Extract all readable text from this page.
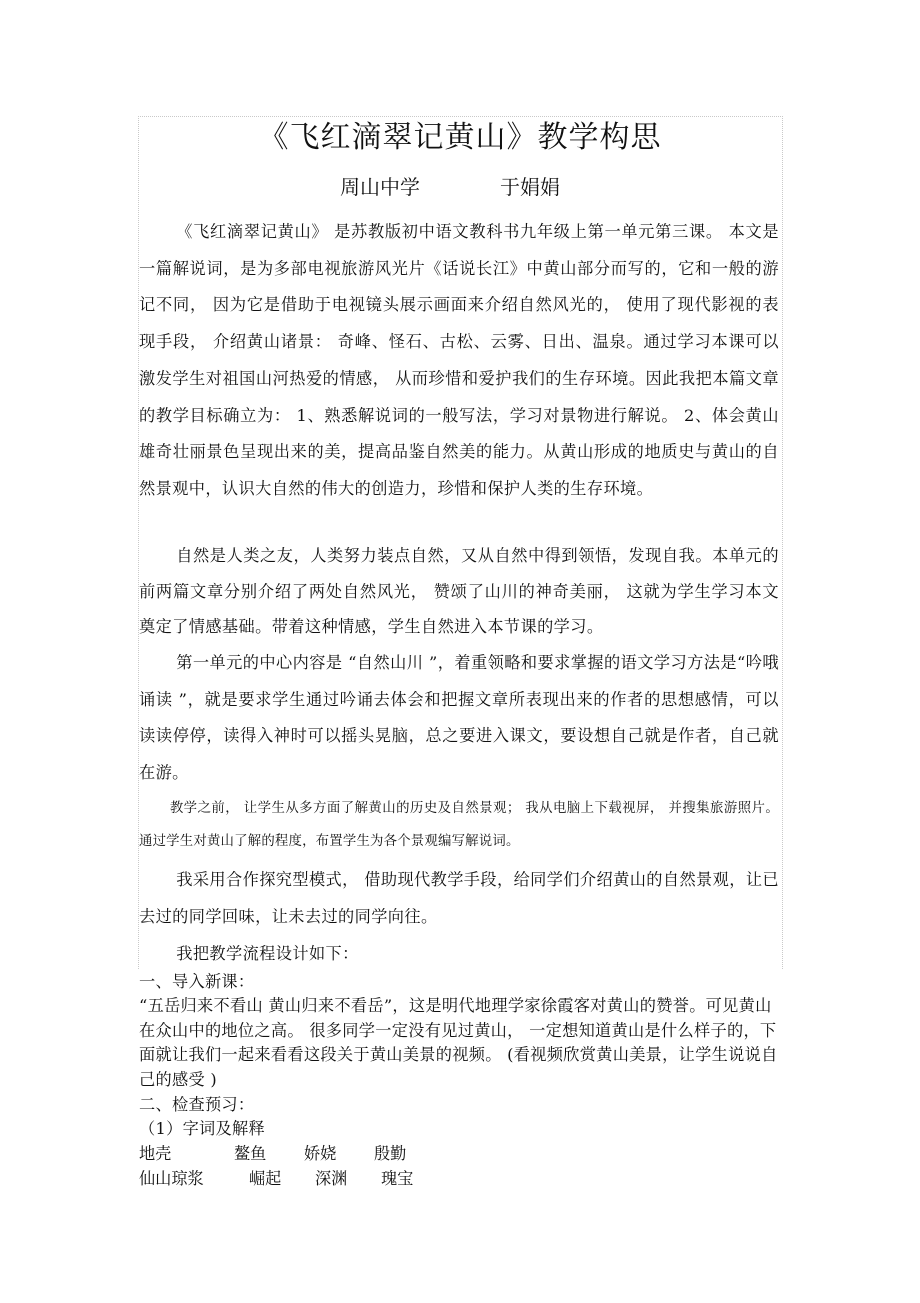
《飞红滴翠记黄山》教学构思
周山中学	于娟娟

《飞红滴翠记黄山》 是苏教版初中语文教科书九年级上第一单元第三课。 本文是一篇解说词，是为多部电视旅游风光片《话说长江》中黄山部分而写的，它和一般的游记不同， 因为它是借助于电视镜头展示画面来介绍自然风光的， 使用了现代影视的表现手段， 介绍黄山诸景： 奇峰、怪石、古松、云雾、日出、温泉。通过学习本课可以激发学生对祖国山河热爱的情感， 从而珍惜和爱护我们的生存环境。因此我把本篇文章的教学目标确立为： 1、熟悉解说词的一般写法，学习对景物进行解说。 2、体会黄山雄奇壮丽景色呈现出来的美，提高品鉴自然美的能力。从黄山形成的地质史与黄山的自然景观中，认识大自然的伟大的创造力，珍惜和保护人类的生存环境。

自然是人类之友，人类努力装点自然，又从自然中得到领悟，发现自我。本单元的前两篇文章分别介绍了两处自然风光， 赞颂了山川的神奇美丽， 这就为学生学习本文奠定了情感基础。带着这种情感，学生自然进入本节课的学习。

第一单元的中心内容是 “自然山川 ”，着重领略和要求掌握的语文学习方法是“吟哦诵读 ”，就是要求学生通过吟诵去体会和把握文章所表现出来的作者的思想感情，可以读读停停，读得入神时可以摇头晃脑，总之要进入课文，要设想自己就是作者，自己就在游。

教学之前， 让学生从多方面了解黄山的历史及自然景观； 我从电脑上下载视屏， 并搜集旅游照片。通过学生对黄山了解的程度，布置学生为各个景观编写解说词。

我采用合作探究型模式， 借助现代教学手段，给同学们介绍黄山的自然景观，让已去过的同学回味，让未去过的同学向往。

我把教学流程设计如下：

一、导入新课：

“五岳归来不看山 黄山归来不看岳”，这是明代地理学家徐霞客对黄山的赞誉。可见黄山在众山中的地位之高。 很多同学一定没有见过黄山， 一定想知道黄山是什么样子的，下面就让我们一起来看看这段关于黄山美景的视频。 (看视频欣赏黄山美景，让学生说说自己的感受 )

二、检查预习：

（1）字词及解释

地壳	鳌鱼	娇娆	殷勤
仙山琼浆	崛起	深渊	瑰宝
